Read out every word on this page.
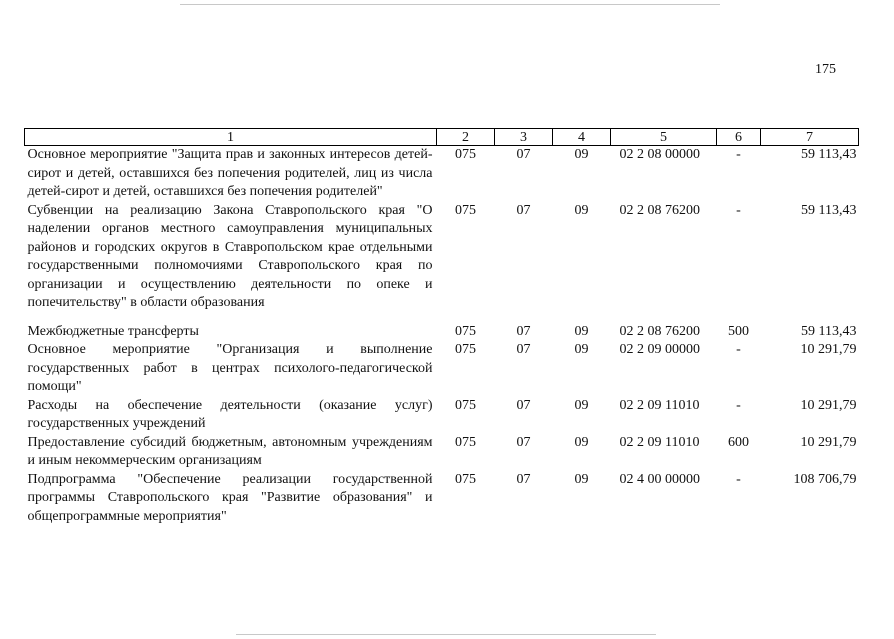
175
1	2	3	4	5	6	7
Основное мероприятие "Защита прав и законных интересов детей-сирот и детей, оставшихся без попечения родителей, лиц из числа детей-сирот и детей, оставшихся без попечения родителей"	075	07	09	02 2 08 00000	-	59 113,43
Субвенции на реализацию Закона Ставропольского края "О наделении органов местного самоуправления муниципальных районов и городских округов в Ставропольском крае отдельными государственными полномочиями Ставропольского края по организации и осуществлению деятельности по опеке и попечительству" в области образования	075	07	09	02 2 08 76200	-	59 113,43
Межбюджетные трансферты	075	07	09	02 2 08 76200	500	59 113,43
Основное мероприятие "Организация и выполнение государственных работ в центрах психолого-педагогической помощи"	075	07	09	02 2 09 00000	-	10 291,79
Расходы на обеспечение деятельности (оказание услуг) государственных учреждений	075	07	09	02 2 09 11010	-	10 291,79
Предоставление субсидий бюджетным, автономным учреждениям и иным некоммерческим организациям	075	07	09	02 2 09 11010	600	10 291,79
Подпрограмма "Обеспечение реализации государственной программы Ставропольского края "Развитие образования" и общепрограммные мероприятия"	075	07	09	02 4 00 00000	-	108 706,79
